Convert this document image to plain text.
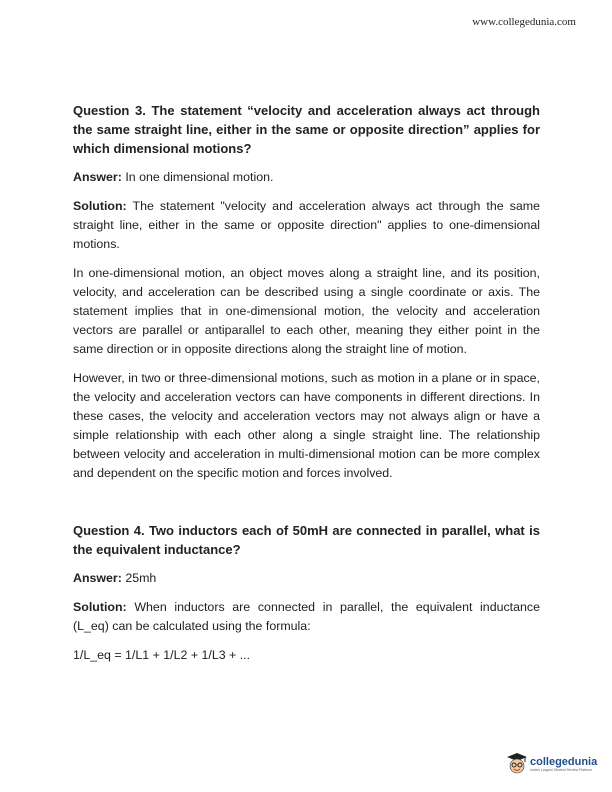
www.collegedunia.com

Question 3. The statement “velocity and acceleration always act through the same straight line, either in the same or opposite direction” applies for which dimensional motions?

Answer: In one dimensional motion.

Solution: The statement "velocity and acceleration always act through the same straight line, either in the same or opposite direction" applies to one-dimensional motions.

In one-dimensional motion, an object moves along a straight line, and its position, velocity, and acceleration can be described using a single coordinate or axis. The statement implies that in one-dimensional motion, the velocity and acceleration vectors are parallel or antiparallel to each other, meaning they either point in the same direction or in opposite directions along the straight line of motion.

However, in two or three-dimensional motions, such as motion in a plane or in space, the velocity and acceleration vectors can have components in different directions. In these cases, the velocity and acceleration vectors may not always align or have a simple relationship with each other along a single straight line. The relationship between velocity and acceleration in multi-dimensional motion can be more complex and dependent on the specific motion and forces involved.

Question 4. Two inductors each of 50mH are connected in parallel, what is the equivalent inductance?

Answer: 25mh

Solution: When inductors are connected in parallel, the equivalent inductance (L_eq) can be calculated using the formula:

1/L_eq = 1/L1 + 1/L2 + 1/L3 + ...

collegedunia
India's Largest Student Review Platform
